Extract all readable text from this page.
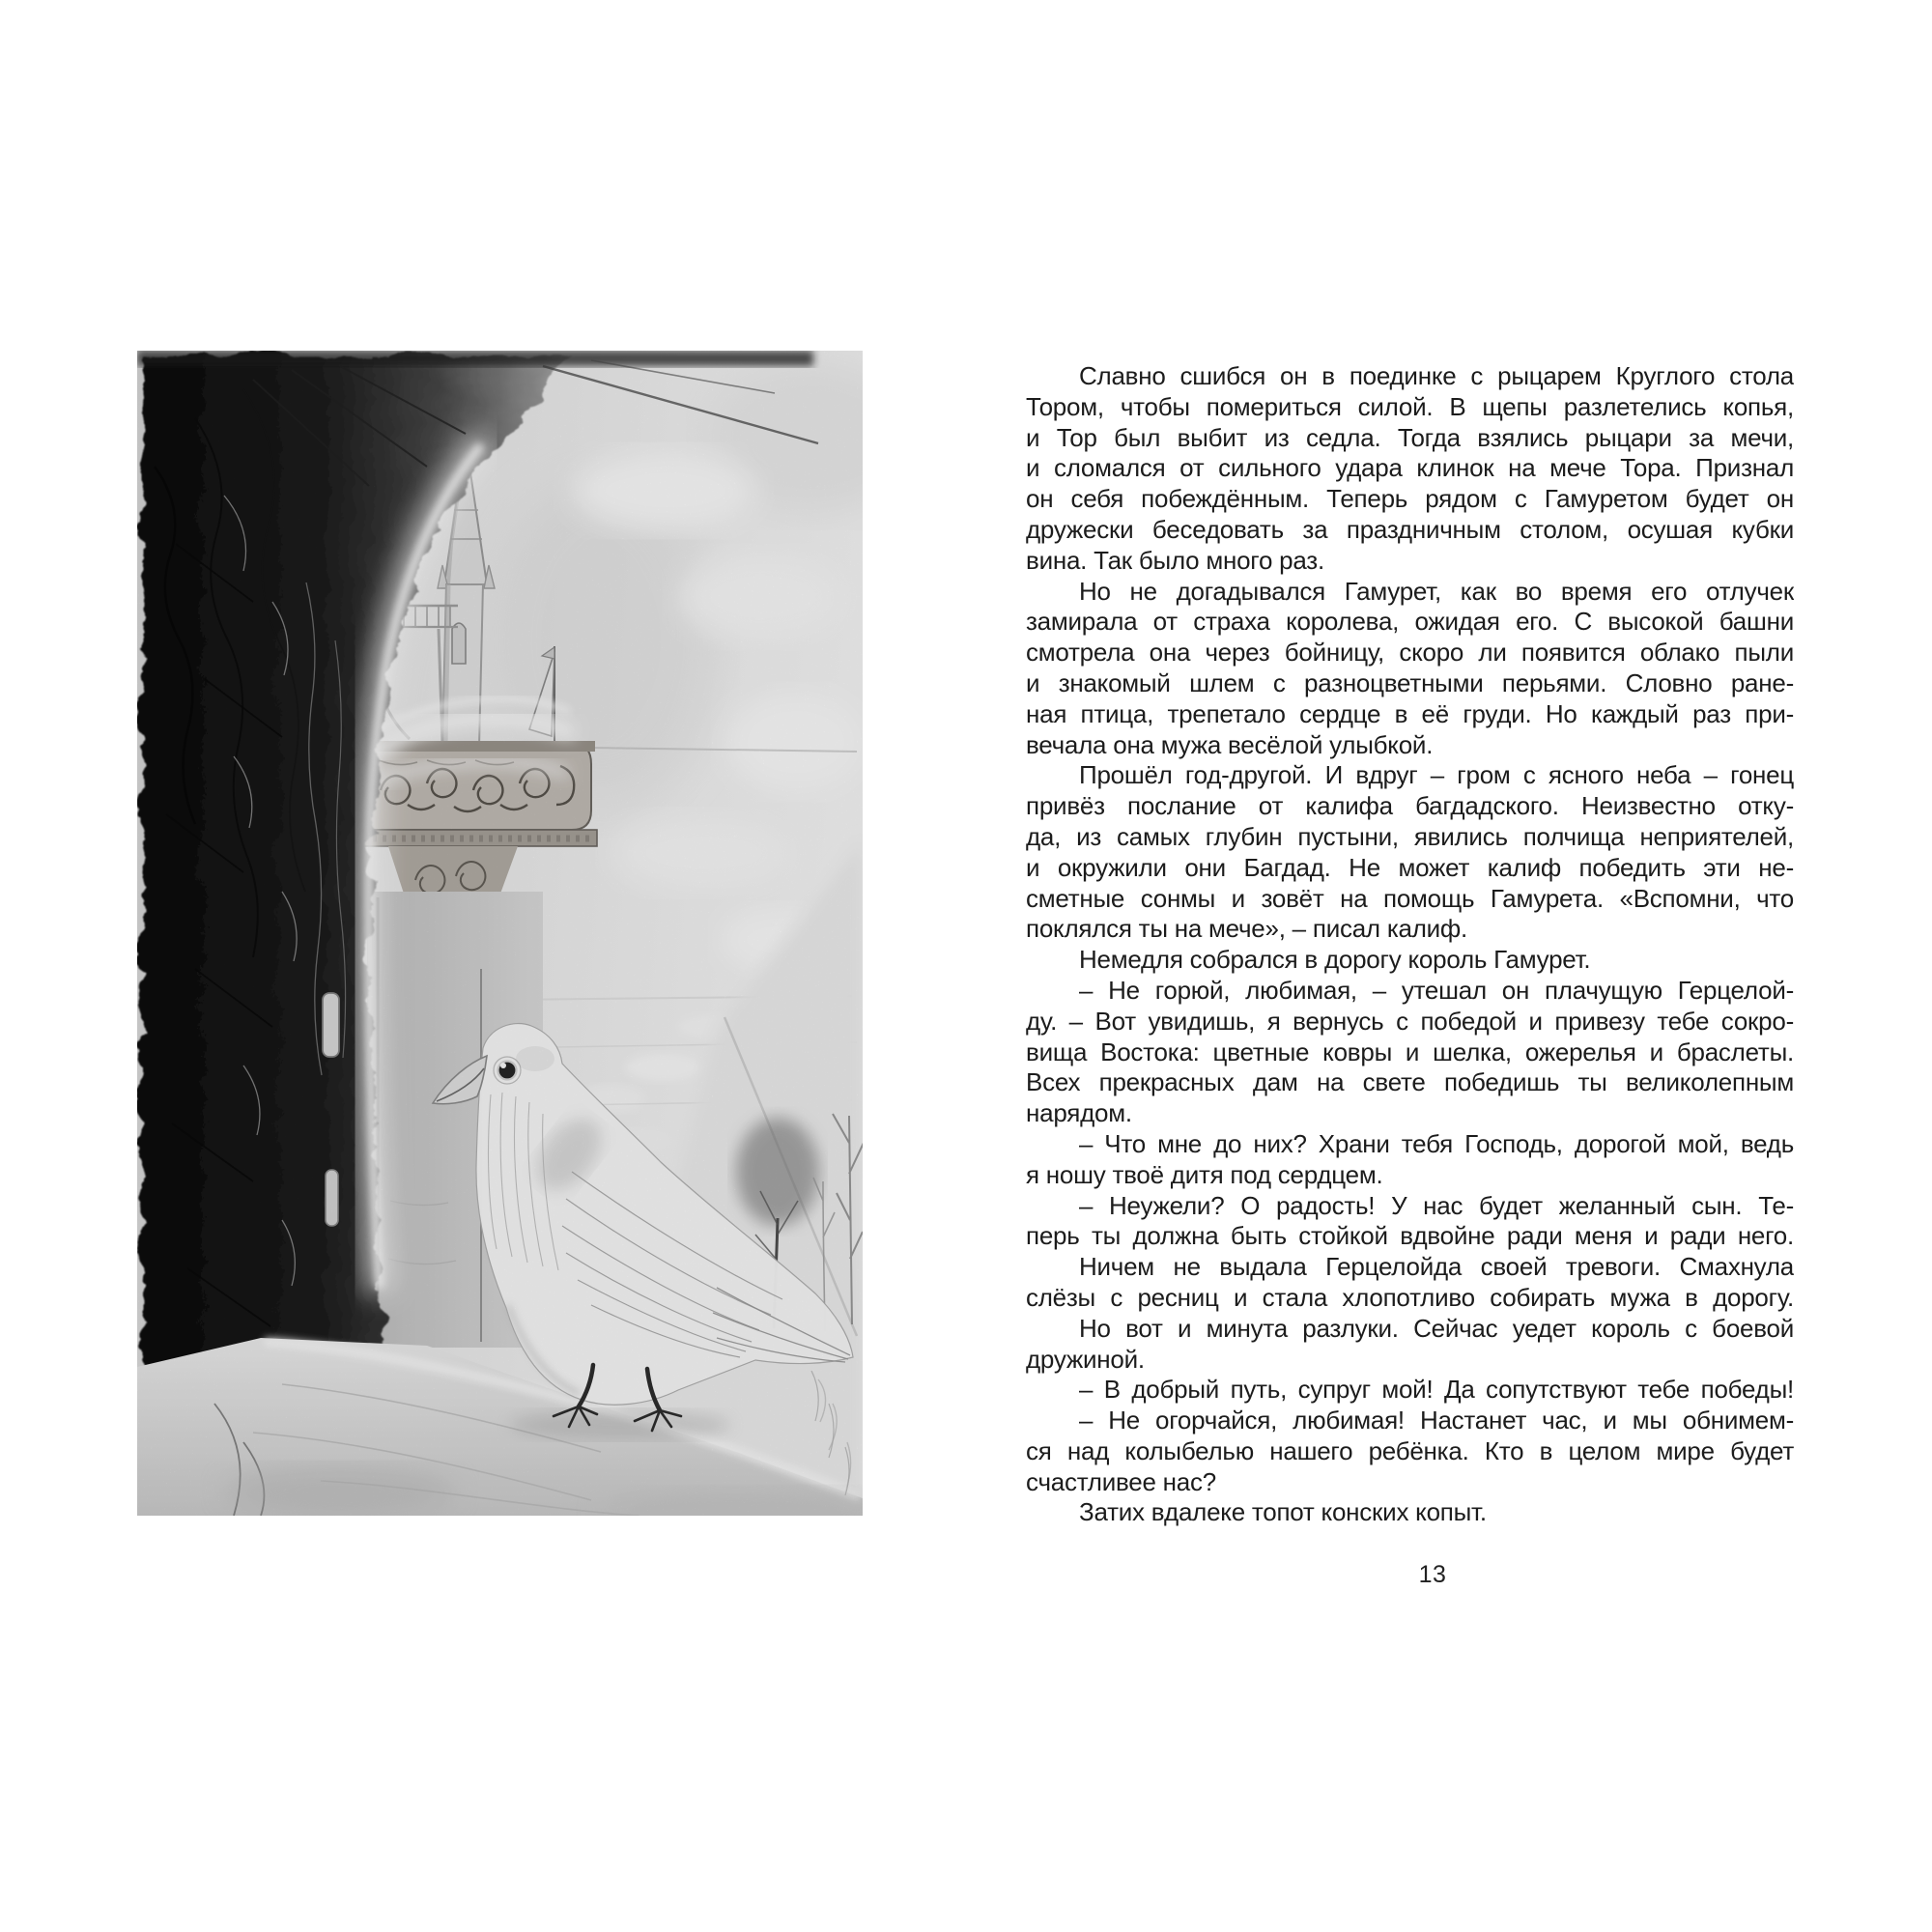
Славно сшибся он в поединке с рыцарем Круглого стола
Тором, чтобы помериться силой. В щепы разлетелись копья,
и Тор был выбит из седла. Тогда взялись рыцари за мечи,
и сломался от сильного удара клинок на мече Тора. Признал
он себя побеждённым. Теперь рядом с Гамуретом будет он
дружески беседовать за праздничным столом, осушая кубки
вина. Так было много раз.
Но не догадывался Гамурет, как во время его отлучек
замирала от страха королева, ожидая его. С высокой башни
смотрела она через бойницу, скоро ли появится облако пыли
и знакомый шлем с разноцветными перьями. Словно ране-
ная птица, трепетало сердце в её груди. Но каждый раз при-
вечала она мужа весёлой улыбкой.
Прошёл год-другой. И вдруг – гром с ясного неба – гонец
привёз послание от калифа багдадского. Неизвестно отку-
да, из самых глубин пустыни, явились полчища неприятелей,
и окружили они Багдад. Не может калиф победить эти не-
сметные сонмы и зовёт на помощь Гамурета. «Вспомни, что
поклялся ты на мече», – писал калиф.
Немедля собрался в дорогу король Гамурет.
– Не горюй, любимая, – утешал он плачущую Герцелой-
ду. – Вот увидишь, я вернусь с победой и привезу тебе сокро-
вища Востока: цветные ковры и шелка, ожерелья и браслеты.
Всех прекрасных дам на свете победишь ты великолепным
нарядом.
– Что мне до них? Храни тебя Господь, дорогой мой, ведь
я ношу твоё дитя под сердцем.
– Неужели? О радость! У нас будет желанный сын. Те-
перь ты должна быть стойкой вдвойне ради меня и ради него.
Ничем не выдала Герцелойда своей тревоги. Смахнула
слёзы с ресниц и стала хлопотливо собирать мужа в дорогу.
Но вот и минута разлуки. Сейчас уедет король с боевой
дружиной.
– В добрый путь, супруг мой! Да сопутствуют тебе победы!
– Не огорчайся, любимая! Настанет час, и мы обнимем-
ся над колыбелью нашего ребёнка. Кто в целом мире будет
счастливее нас?
Затих вдалеке топот конских копыт.
13
